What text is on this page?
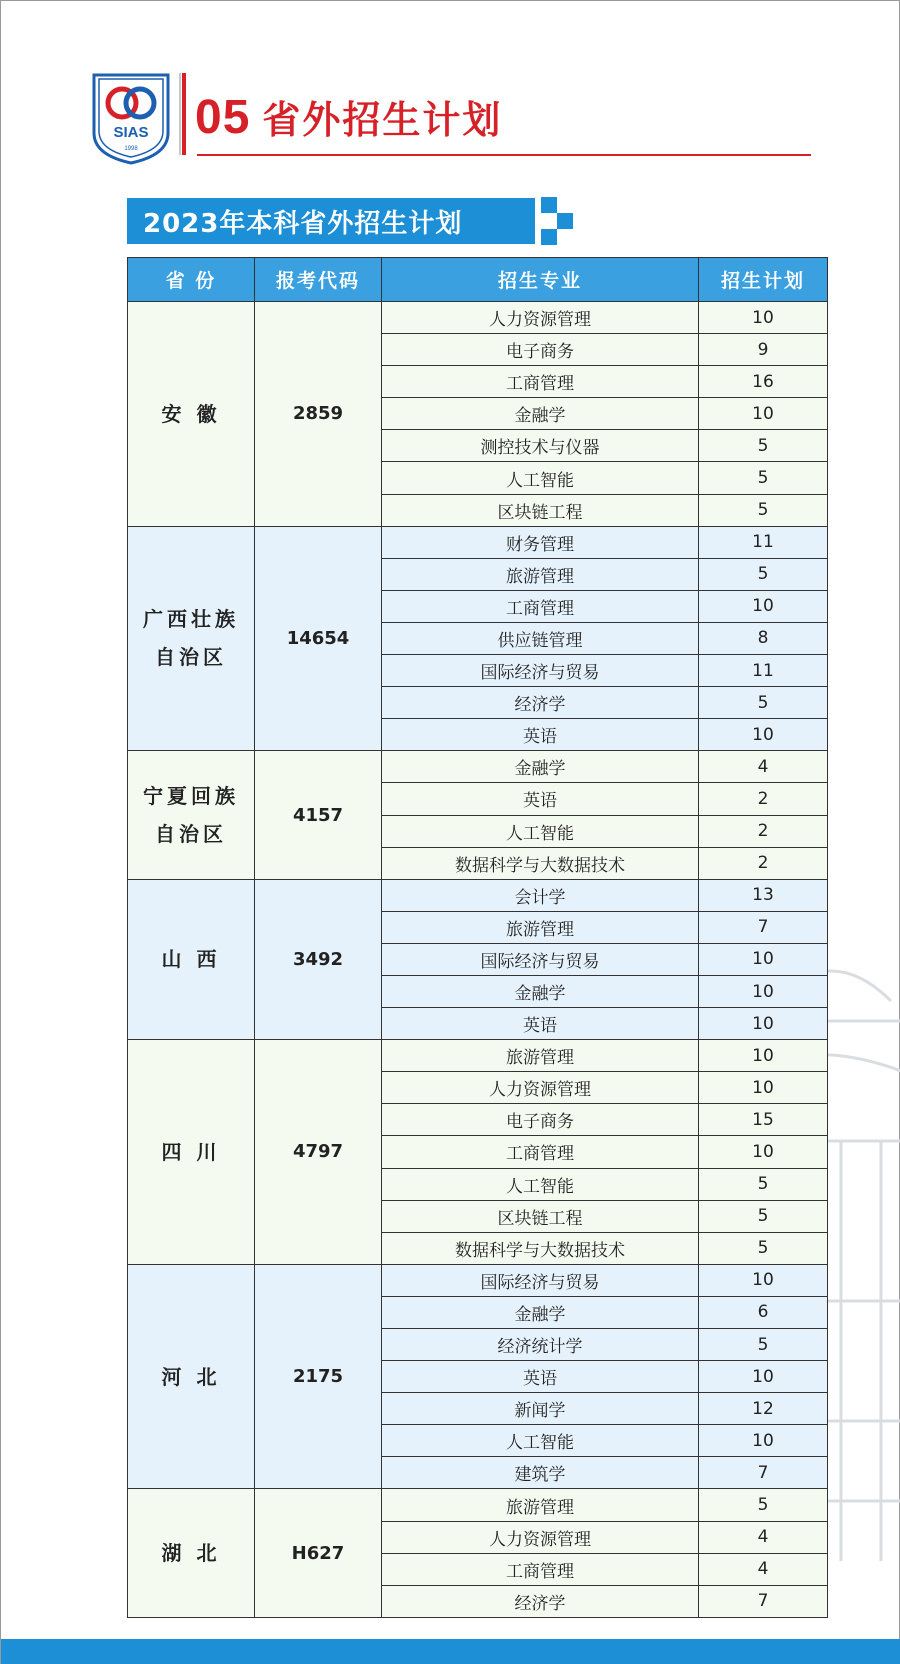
SIAS
1998
05 省外招生计划
2023年本科省外招生计划
省 份	报考代码	招生专业	招生计划

安 徽	2859	人力资源管理	10
		电子商务	9
		工商管理	16
		金融学	10
		测控技术与仪器	5
		人工智能	5
		区块链工程	5

广西壮族
自治区	14654	财务管理	11
		旅游管理	5
		工商管理	10
		供应链管理	8
		国际经济与贸易	11
		经济学	5
		英语	10

宁夏回族
自治区	4157	金融学	4
		英语	2
		人工智能	2
		数据科学与大数据技术	2

山 西	3492	会计学	13
		旅游管理	7
		国际经济与贸易	10
		金融学	10
		英语	10

四 川	4797	旅游管理	10
		人力资源管理	10
		电子商务	15
		工商管理	10
		人工智能	5
		区块链工程	5
		数据科学与大数据技术	5

河 北	2175	国际经济与贸易	10
		金融学	6
		经济统计学	5
		英语	10
		新闻学	12
		人工智能	10
		建筑学	7

湖 北	H627	旅游管理	5
		人力资源管理	4
		工商管理	4
		经济学	7
